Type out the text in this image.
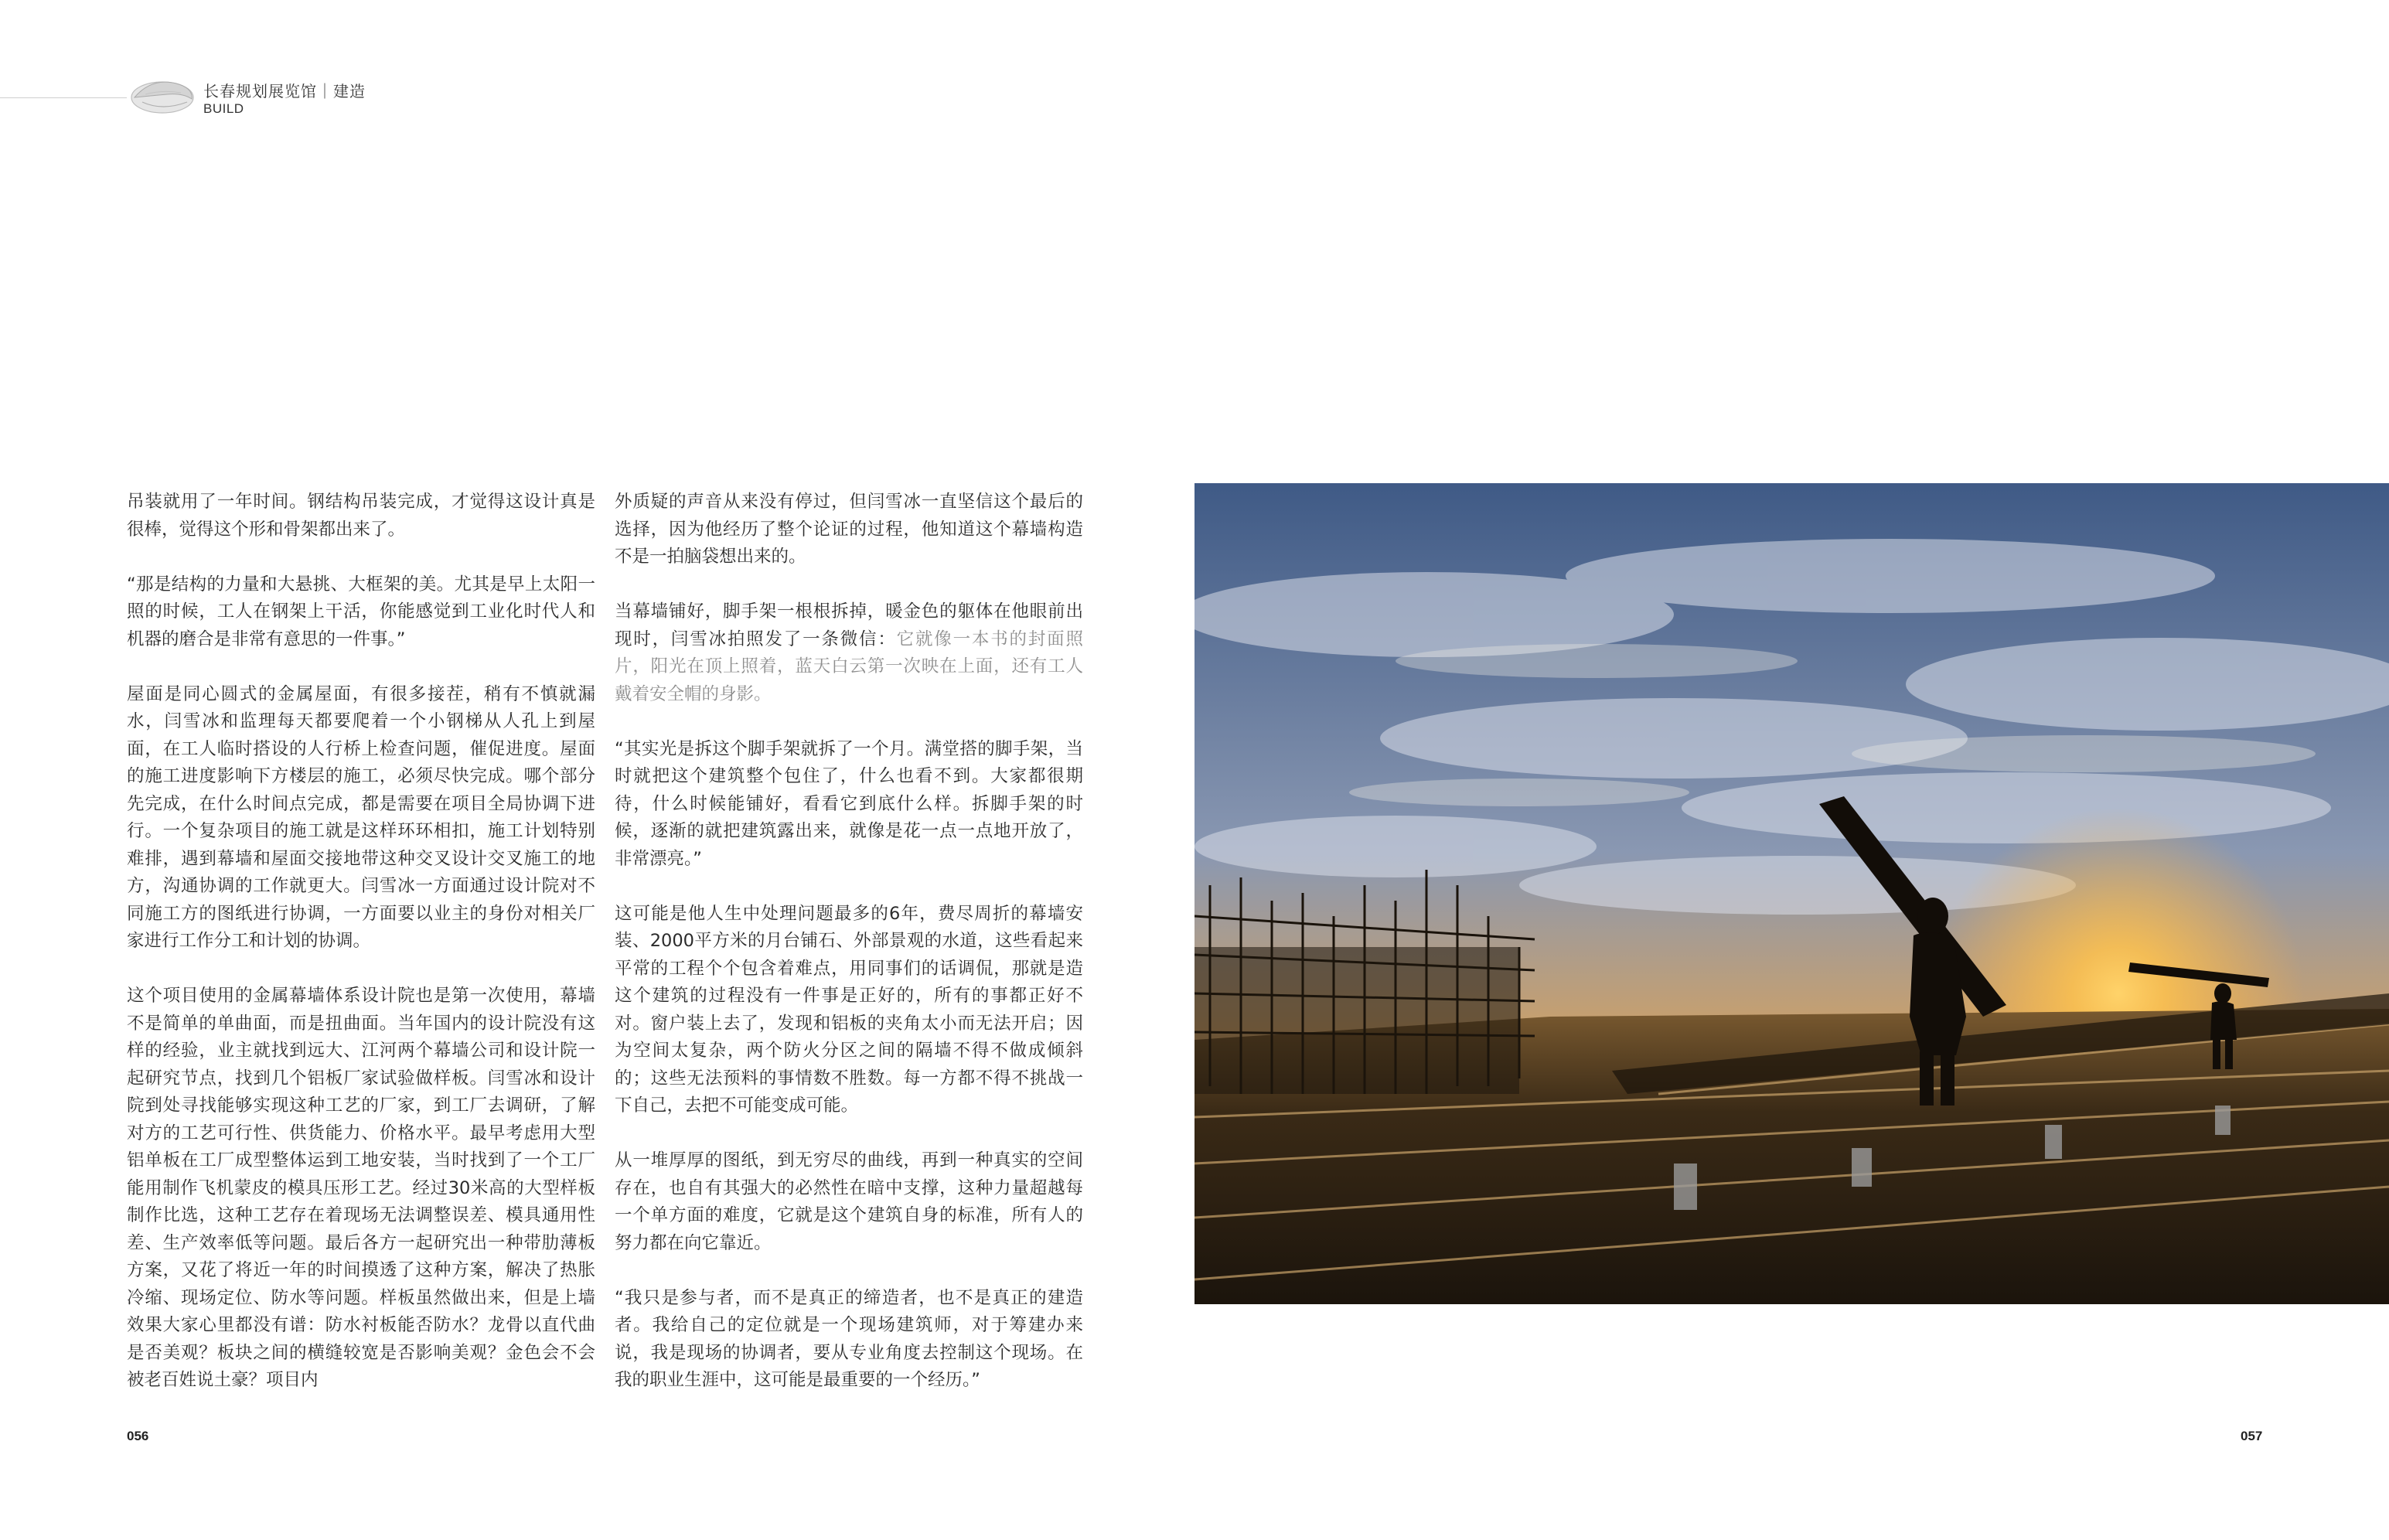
长春规划展览馆｜建造
BUILD

吊装就用了一年时间。钢结构吊装完成，才觉得这设计真是很棒，觉得这个形和骨架都出来了。

“那是结构的力量和大悬挑、大框架的美。尤其是早上太阳一照的时候，工人在钢架上干活，你能感觉到工业化时代人和机器的磨合是非常有意思的一件事。”

屋面是同心圆式的金属屋面，有很多接茬，稍有不慎就漏水，闫雪冰和监理每天都要爬着一个小钢梯从人孔上到屋面，在工人临时搭设的人行桥上检查问题，催促进度。屋面的施工进度影响下方楼层的施工，必须尽快完成。哪个部分先完成，在什么时间点完成，都是需要在项目全局协调下进行。一个复杂项目的施工就是这样环环相扣，施工计划特别难排，遇到幕墙和屋面交接地带这种交叉设计交叉施工的地方，沟通协调的工作就更大。闫雪冰一方面通过设计院对不同施工方的图纸进行协调，一方面要以业主的身份对相关厂家进行工作分工和计划的协调。

这个项目使用的金属幕墙体系设计院也是第一次使用，幕墙不是简单的单曲面，而是扭曲面。当年国内的设计院没有这样的经验，业主就找到远大、江河两个幕墙公司和设计院一起研究节点，找到几个铝板厂家试验做样板。闫雪冰和设计院到处寻找能够实现这种工艺的厂家，到工厂去调研，了解对方的工艺可行性、供货能力、价格水平。最早考虑用大型铝单板在工厂成型整体运到工地安装，当时找到了一个工厂能用制作飞机蒙皮的模具压形工艺。经过30米高的大型样板制作比选，这种工艺存在着现场无法调整误差、模具通用性差、生产效率低等问题。最后各方一起研究出一种带肋薄板方案，又花了将近一年的时间摸透了这种方案，解决了热胀冷缩、现场定位、防水等问题。样板虽然做出来，但是上墙效果大家心里都没有谱：防水衬板能否防水？龙骨以直代曲是否美观？板块之间的横缝较宽是否影响美观？金色会不会被老百姓说土豪？项目内

外质疑的声音从来没有停过，但闫雪冰一直坚信这个最后的选择，因为他经历了整个论证的过程，他知道这个幕墙构造不是一拍脑袋想出来的。

当幕墙铺好，脚手架一根根拆掉，暖金色的躯体在他眼前出现时，闫雪冰拍照发了一条微信：它就像一本书的封面照片，阳光在顶上照着，蓝天白云第一次映在上面，还有工人戴着安全帽的身影。

“其实光是拆这个脚手架就拆了一个月。满堂搭的脚手架，当时就把这个建筑整个包住了，什么也看不到。大家都很期待，什么时候能铺好，看看它到底什么样。拆脚手架的时候，逐渐的就把建筑露出来，就像是花一点一点地开放了，非常漂亮。”

这可能是他人生中处理问题最多的6年，费尽周折的幕墙安装、2000平方米的月台铺石、外部景观的水道，这些看起来平常的工程个个包含着难点，用同事们的话调侃，那就是造这个建筑的过程没有一件事是正好的，所有的事都正好不对。窗户装上去了，发现和铝板的夹角太小而无法开启；因为空间太复杂，两个防火分区之间的隔墙不得不做成倾斜的；这些无法预料的事情数不胜数。每一方都不得不挑战一下自己，去把不可能变成可能。

从一堆厚厚的图纸，到无穷尽的曲线，再到一种真实的空间存在，也自有其强大的必然性在暗中支撑，这种力量超越每一个单方面的难度，它就是这个建筑自身的标准，所有人的努力都在向它靠近。

“我只是参与者，而不是真正的缔造者，也不是真正的建造者。我给自己的定位就是一个现场建筑师，对于筹建办来说，我是现场的协调者，要从专业角度去控制这个现场。在我的职业生涯中，这可能是最重要的一个经历。”

056	057
